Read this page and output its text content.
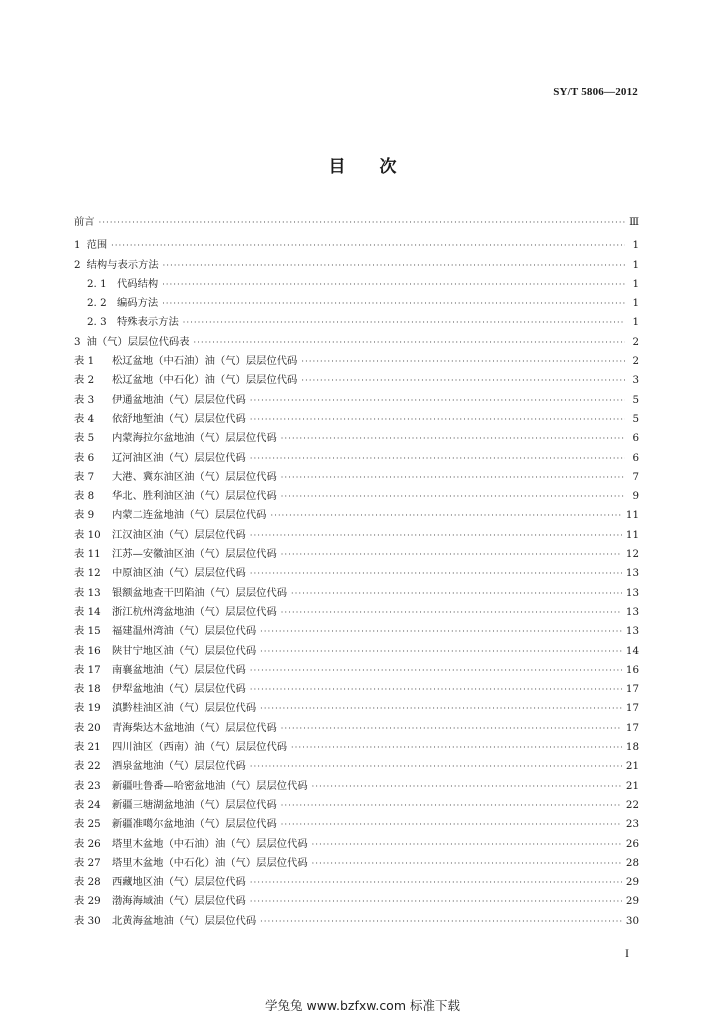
SY/T 5806—2012
目 次
前言 ·····	Ⅲ
1 范围 ·····	1
2 结构与表示方法 ·····	1
2. 1	代码结构 ·····	1
2. 2	编码方法 ·····	1
2. 3	特殊表示方法 ·····	1
3 油（气）层层位代码表 ·····	2
表 1	松辽盆地（中石油）油（气）层层位代码 ·····	2
表 2	松辽盆地（中石化）油（气）层层位代码 ·····	3
表 3	伊通盆地油（气）层层位代码 ·····	5
表 4	依舒地堑油（气）层层位代码 ·····	5
表 5	内蒙海拉尔盆地油（气）层层位代码 ·····	6
表 6	辽河油区油（气）层层位代码 ·····	6
表 7	大港、冀东油区油（气）层层位代码 ·····	7
表 8	华北、胜利油区油（气）层层位代码 ·····	9
表 9	内蒙二连盆地油（气）层层位代码 ·····	11
表 10	江汉油区油（气）层层位代码 ·····	11
表 11	江苏—安徽油区油（气）层层位代码 ·····	12
表 12	中原油区油（气）层层位代码 ·····	13
表 13	银额盆地查干凹陷油（气）层层位代码 ·····	13
表 14	浙江杭州湾盆地油（气）层层位代码 ·····	13
表 15	福建温州湾油（气）层层位代码 ·····	13
表 16	陕甘宁地区油（气）层层位代码 ·····	14
表 17	南襄盆地油（气）层层位代码 ·····	16
表 18	伊犁盆地油（气）层层位代码 ·····	17
表 19	滇黔桂油区油（气）层层位代码 ·····	17
表 20	青海柴达木盆地油（气）层层位代码 ·····	17
表 21	四川油区（西南）油（气）层层位代码 ·····	18
表 22	酒泉盆地油（气）层层位代码 ·····	21
表 23	新疆吐鲁番—哈密盆地油（气）层层位代码 ·····	21
表 24	新疆三塘湖盆地油（气）层层位代码 ·····	22
表 25	新疆准噶尔盆地油（气）层层位代码 ·····	23
表 26	塔里木盆地（中石油）油（气）层层位代码 ·····	26
表 27	塔里木盆地（中石化）油（气）层层位代码 ·····	28
表 28	西藏地区油（气）层层位代码 ·····	29
表 29	渤海海域油（气）层层位代码 ·····	29
表 30	北黄海盆地油（气）层层位代码 ·····	30
I
学兔兔 www.bzfxw.com 标准下载
